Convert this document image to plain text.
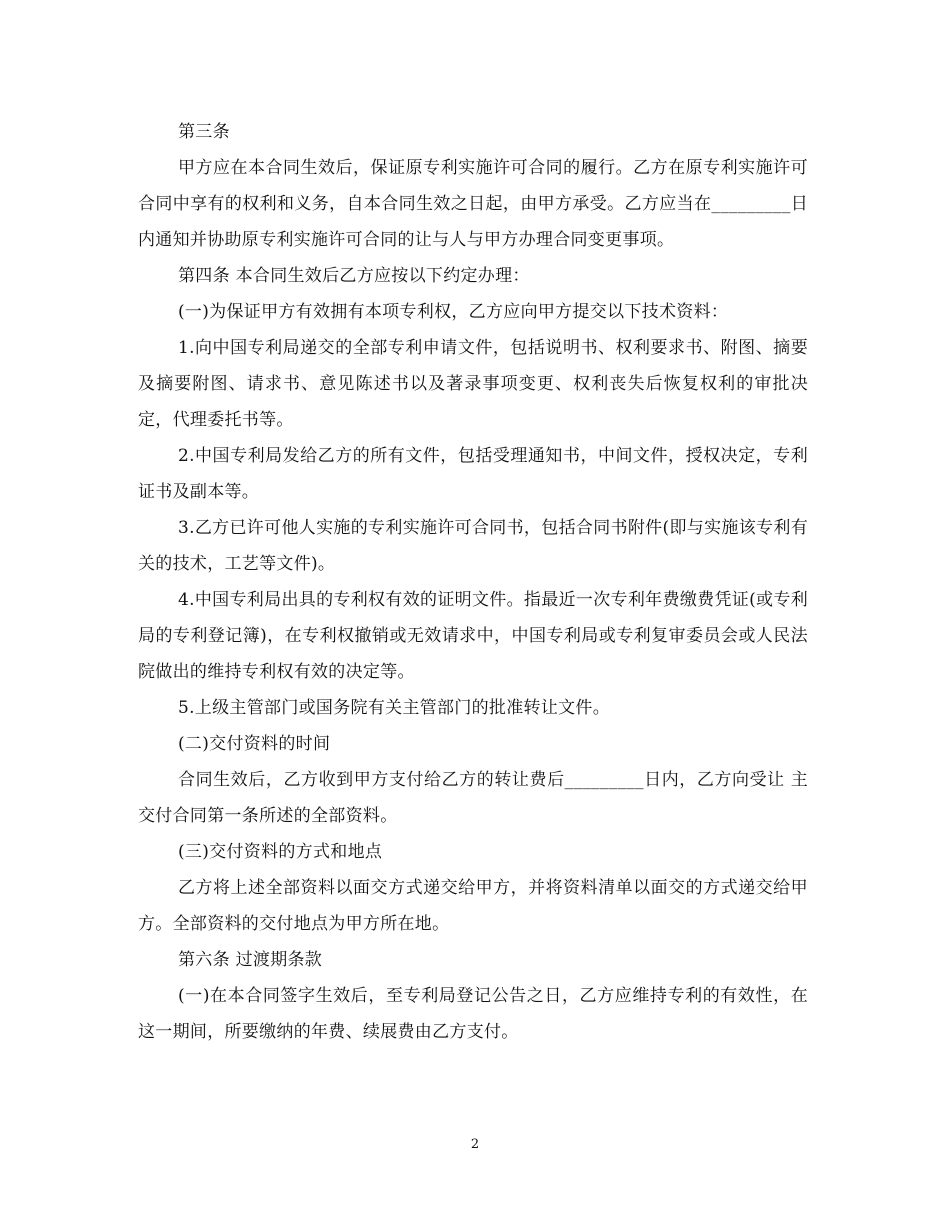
第三条

甲方应在本合同生效后，保证原专利实施许可合同的履行。乙方在原专利实施许可合同中享有的权利和义务，自本合同生效之日起，由甲方承受。乙方应当在_________日内通知并协助原专利实施许可合同的让与人与甲方办理合同变更事项。

第四条 本合同生效后乙方应按以下约定办理：

(一)为保证甲方有效拥有本项专利权，乙方应向甲方提交以下技术资料：

1.向中国专利局递交的全部专利申请文件，包括说明书、权利要求书、附图、摘要及摘要附图、请求书、意见陈述书以及著录事项变更、权利丧失后恢复权利的审批决定，代理委托书等。

2.中国专利局发给乙方的所有文件，包括受理通知书，中间文件，授权决定，专利证书及副本等。

3.乙方已许可他人实施的专利实施许可合同书，包括合同书附件(即与实施该专利有关的技术，工艺等文件)。

4.中国专利局出具的专利权有效的证明文件。指最近一次专利年费缴费凭证(或专利局的专利登记簿)，在专利权撤销或无效请求中，中国专利局或专利复审委员会或人民法院做出的维持专利权有效的决定等。

5.上级主管部门或国务院有关主管部门的批准转让文件。

(二)交付资料的时间

合同生效后，乙方收到甲方支付给乙方的转让费后_________日内，乙方向受让 主交付合同第一条所述的全部资料。

(三)交付资料的方式和地点

乙方将上述全部资料以面交方式递交给甲方，并将资料清单以面交的方式递交给甲方。全部资料的交付地点为甲方所在地。

第六条 过渡期条款

(一)在本合同签字生效后，至专利局登记公告之日，乙方应维持专利的有效性，在这一期间，所要缴纳的年费、续展费由乙方支付。

2
